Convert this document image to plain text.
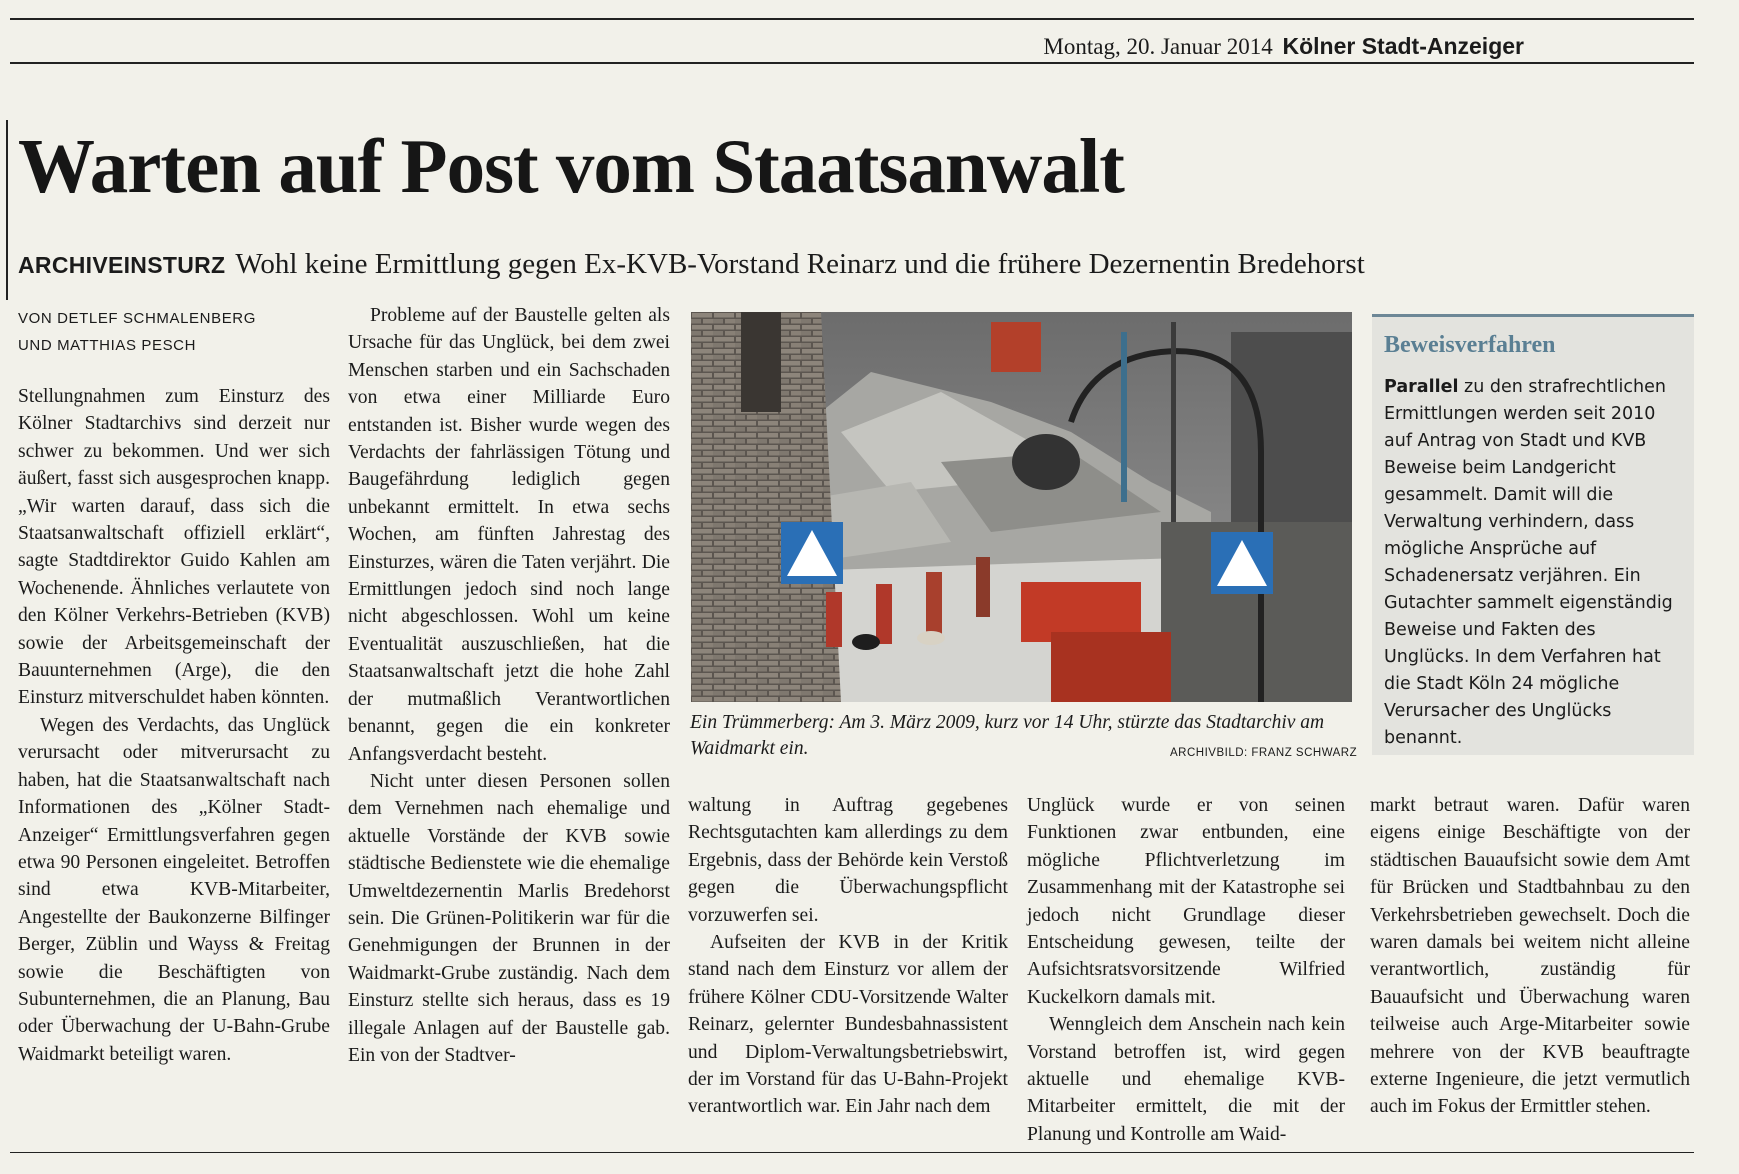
Montag, 20. Januar 2014 Kölner Stadt-Anzeiger
Warten auf Post vom Staatsanwalt
ARCHIVEINSTURZ Wohl keine Ermittlung gegen Ex-KVB-Vorstand Reinarz und die frühere Dezernentin Bredehorst
VON DETLEF SCHMALENBERG
UND MATTHIAS PESCH

Stellungnahmen zum Einsturz des Kölner Stadtarchivs sind derzeit nur schwer zu bekommen. Und wer sich äußert, fasst sich ausgesprochen knapp. „Wir warten darauf, dass sich die Staatsanwaltschaft offiziell erklärt“, sagte Stadtdirektor Guido Kahlen am Wochenende. Ähnliches verlautete von den Kölner Verkehrs-Betrieben (KVB) sowie der Arbeitsgemeinschaft der Bauunternehmen (Arge), die den Einsturz mitverschuldet haben könnten.

Wegen des Verdachts, das Unglück verursacht oder mitverursacht zu haben, hat die Staatsanwaltschaft nach Informationen des „Kölner Stadt-Anzeiger“ Ermittlungsverfahren gegen etwa 90 Personen eingeleitet. Betroffen sind etwa KVB-Mitarbeiter, Angestellte der Baukonzerne Bilfinger Berger, Züblin und Wayss & Freitag sowie die Beschäftigten von Subunternehmen, die an Planung, Bau oder Überwachung der U-Bahn-Grube Waidmarkt beteiligt waren.

Probleme auf der Baustelle gelten als Ursache für das Unglück, bei dem zwei Menschen starben und ein Sachschaden von etwa einer Milliarde Euro entstanden ist. Bisher wurde wegen des Verdachts der fahrlässigen Tötung und Baugefährdung lediglich gegen unbekannt ermittelt. In etwa sechs Wochen, am fünften Jahrestag des Einsturzes, wären die Taten verjährt. Die Ermittlungen jedoch sind noch lange nicht abgeschlossen. Wohl um keine Eventualität auszuschließen, hat die Staatsanwaltschaft jetzt die hohe Zahl der mutmaßlich Verantwortlichen benannt, gegen die ein konkreter Anfangsverdacht besteht.

Nicht unter diesen Personen sollen dem Vernehmen nach ehemalige und aktuelle Vorstände der KVB sowie städtische Bedienstete wie die ehemalige Umweltdezernentin Marlis Bredehorst sein. Die Grünen-Politikerin war für die Genehmigungen der Brunnen in der Waidmarkt-Grube zuständig. Nach dem Einsturz stellte sich heraus, dass es 19 illegale Anlagen auf der Baustelle gab. Ein von der Stadtver-

Ein Trümmerberg: Am 3. März 2009, kurz vor 14 Uhr, stürzte das Stadtarchiv am Waidmarkt ein.	ARCHIVBILD: FRANZ SCHWARZ
Beweisverfahren
Parallel zu den strafrechtlichen Ermittlungen werden seit 2010 auf Antrag von Stadt und KVB Beweise beim Landgericht gesammelt. Damit will die Verwaltung verhindern, dass mögliche Ansprüche auf Schadenersatz verjähren. Ein Gutachter sammelt eigenständig Beweise und Fakten des Unglücks. In dem Verfahren hat die Stadt Köln 24 mögliche Verursacher des Unglücks benannt.

waltung in Auftrag gegebenes Rechtsgutachten kam allerdings zu dem Ergebnis, dass der Behörde kein Verstoß gegen die Überwachungspflicht vorzuwerfen sei.

Aufseiten der KVB in der Kritik stand nach dem Einsturz vor allem der frühere Kölner CDU-Vorsitzende Walter Reinarz, gelernter Bundesbahnassistent und Diplom-Verwaltungsbetriebswirt, der im Vorstand für das U-Bahn-Projekt verantwortlich war. Ein Jahr nach dem

Unglück wurde er von seinen Funktionen zwar entbunden, eine mögliche Pflichtverletzung im Zusammenhang mit der Katastrophe sei jedoch nicht Grundlage dieser Entscheidung gewesen, teilte der Aufsichtsratsvorsitzende Wilfried Kuckelkorn damals mit.

Wenngleich dem Anschein nach kein Vorstand betroffen ist, wird gegen aktuelle und ehemalige KVB-Mitarbeiter ermittelt, die mit der Planung und Kontrolle am Waid-

markt betraut waren. Dafür waren eigens einige Beschäftigte von der städtischen Bauaufsicht sowie dem Amt für Brücken und Stadtbahnbau zu den Verkehrsbetrieben gewechselt. Doch die waren damals bei weitem nicht alleine verantwortlich, zuständig für Bauaufsicht und Überwachung waren teilweise auch Arge-Mitarbeiter sowie mehrere von der KVB beauftragte externe Ingenieure, die jetzt vermutlich auch im Fokus der Ermittler stehen.
